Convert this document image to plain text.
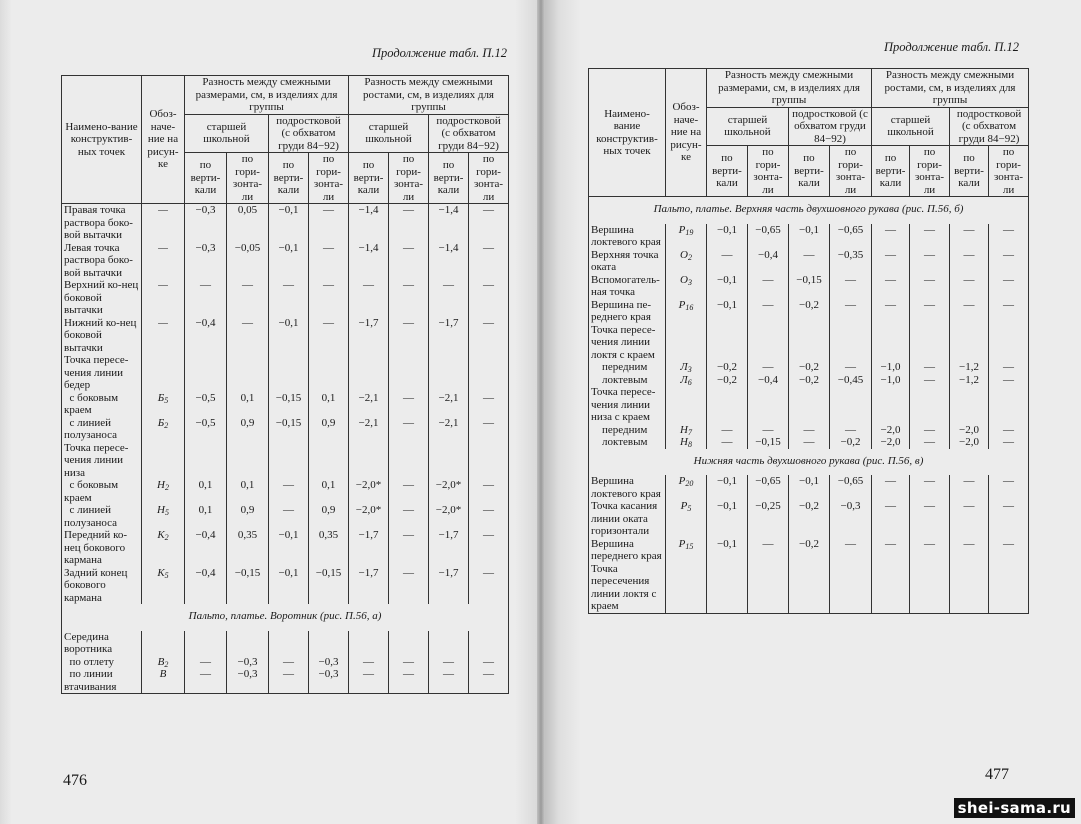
Продолжение табл. П.12
Наимено-вание конструктив-ных точек	Обоз-наче-ние на рисун-ке	Разность между смежными размерами, см, в изделиях для группы				Разность между смежными ростами, см, в изделиях для группы			
		старшей школьной		подростковой (с обхватом груди 84−92)		старшей школьной		подростковой (с обхватом груди 84−92)	
		по верти-кали	по гори-зонта-ли	по верти-кали	по гори-зонта-ли	по верти-кали	по гори-зонта-ли	по верти-кали	по гори-зонта-ли
Правая точка раствора боко-вой вытачки	—	−0,3	0,05	−0,1	—	−1,4	—	−1,4	—
Левая точка раствора боко-вой вытачки	—	−0,3	−0,05	−0,1	—	−1,4	—	−1,4	—
Верхний ко-нец боковой вытачки	—	—	—	—	—	—	—	—	—
Нижний ко-нец боковой вытачки	—	−0,4	—	−0,1	—	−1,7	—	−1,7	—
Точка пересе-чения линии бедер									
с боковым краем	$Б_5$	−0,5	0,1	−0,15	0,1	−2,1	—	−2,1	—
с линией полузаноса	$Б_2$	−0,5	0,9	−0,15	0,9	−2,1	—	−2,1	—
Точка пересе-чения линии низа									
с боковым краем	$Н_2$	0,1	0,1	—	0,1	−2,0*	—	−2,0*	—
с линией полузаноса	$Н_5$	0,1	0,9	—	0,9	−2,0*	—	−2,0*	—
Передний ко-нец бокового кармана	$К_2$	−0,4	0,35	−0,1	0,35	−1,7	—	−1,7	—
Задний конец бокового кармана	$К_5$	−0,4	−0,15	−0,1	−0,15	−1,7	—	−1,7	—
Пальто, платье. Воротник (рис. П.56, а)									
Середина воротника									
по отлету	$В_2$	—	−0,3	—	−0,3	—	—	—	—
по линии втачивания	В	—	−0,3	—	−0,3	—	—	—	—
476
Продолжение табл. П.12
Наимено-вание конструктив-ных точек	Обоз-наче-ние на рисун-ке	Разность между смежными размерами, см, в изделиях для группы				Разность между смежными ростами, см, в изделиях для группы			
		старшей школьной		подростковой (с обхватом груди 84−92)		старшей школьной		подростковой (с обхватом груди 84−92)	
		по верти-кали	по гори-зонта-ли	по верти-кали	по гори-зонта-ли	по верти-кали	по гори-зонта-ли	по верти-кали	по гори-зонта-ли
Пальто, платье. Верхняя часть двухшовного рукава (рис. П.56, б)									
Вершина локтевого края	$Р_{19}$	−0,1	−0,65	−0,1	−0,65	—	—	—	—
Верхняя точка оката	$О_2$	—	−0,4	—	−0,35	—	—	—	—
Вспомогатель-ная точка	$О_3$	−0,1	—	−0,15	—	—	—	—	—
Вершина пе-реднего края	$Р_{16}$	−0,1	—	−0,2	—	—	—	—	—
Точка пересе-чения линии локтя с краем									
передним	$Л_3$	−0,2	—	−0,2	—	−1,0	—	−1,2	—
локтевым	$Л_6$	−0,2	−0,4	−0,2	−0,45	−1,0	—	−1,2	—
Точка пересе-чения линии низа с краем									
передним	$Н_7$	—	—	—	—	−2,0	—	−2,0	—
локтевым	$Н_8$	—	−0,15	—	−0,2	−2,0	—	−2,0	—
Нижняя часть двухшовного рукава (рис. П.56, в)									
Вершина локтевого края	$Р_{20}$	−0,1	−0,65	−0,1	−0,65	—	—	—	—
Точка касания линии оката горизонтали	$Р_5$	−0,1	−0,25	−0,2	−0,3	—	—	—	—
Вершина переднего края	$Р_{15}$	−0,1	—	−0,2	—	—	—	—	—
Точка пересечения линии локтя с краем									
477
shei-sama.ru
